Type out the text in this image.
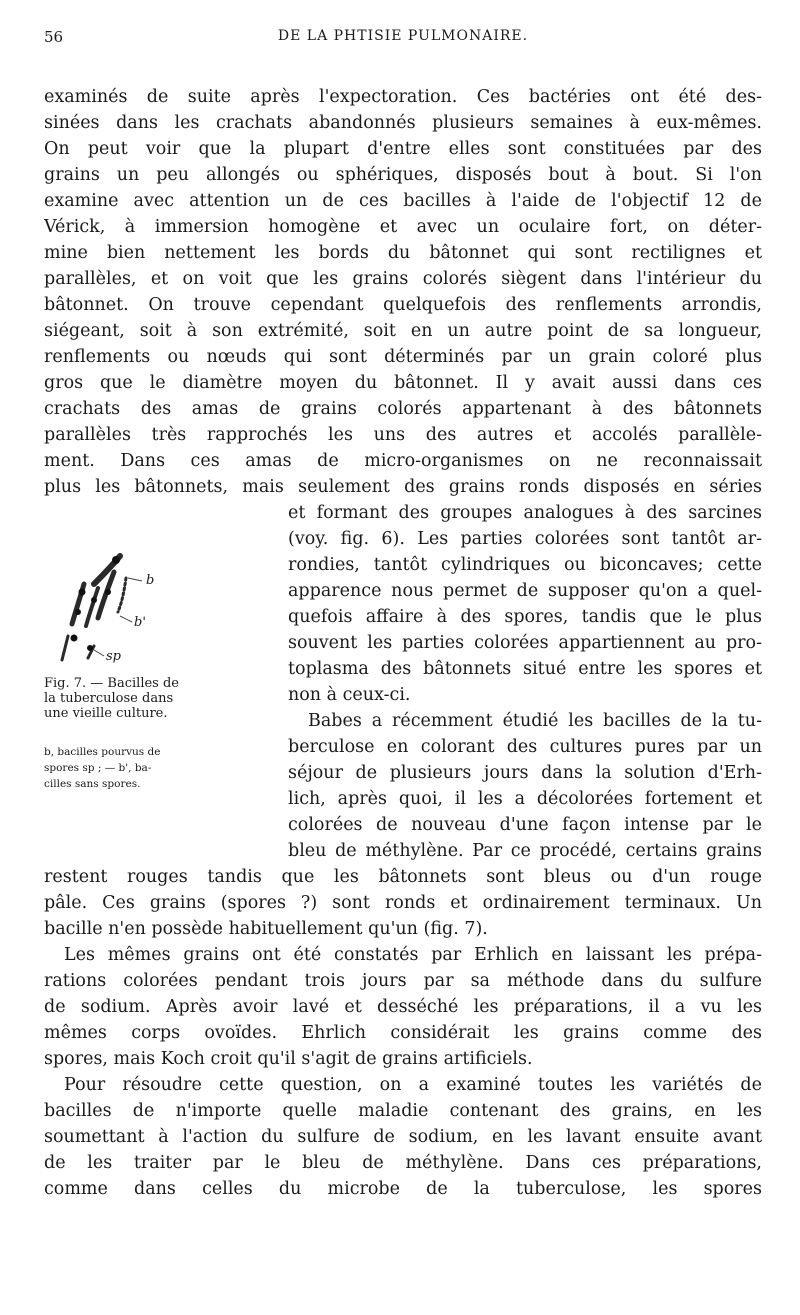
56	DE LA PHTISIE PULMONAIRE.
examinés de suite après l'expectoration. Ces bactéries ont été des-
sinées dans les crachats abandonnés plusieurs semaines à eux-mêmes.
On peut voir que la plupart d'entre elles sont constituées par des
grains un peu allongés ou sphériques, disposés bout à bout. Si l'on
examine avec attention un de ces bacilles à l'aide de l'objectif 12 de
Vérick, à immersion homogène et avec un oculaire fort, on déter-
mine bien nettement les bords du bâtonnet qui sont rectilignes et
parallèles, et on voit que les grains colorés siègent dans l'intérieur du
bâtonnet. On trouve cependant quelquefois des renflements arrondis,
siégeant, soit à son extrémité, soit en un autre point de sa longueur,
renflements ou nœuds qui sont déterminés par un grain coloré plus
gros que le diamètre moyen du bâtonnet. Il y avait aussi dans ces
crachats des amas de grains colorés appartenant à des bâtonnets
parallèles très rapprochés les uns des autres et accolés parallèle-
ment. Dans ces amas de micro-organismes on ne reconnaissait
plus les bâtonnets, mais seulement des grains ronds disposés en séries
et formant des groupes analogues à des sarcines
(voy. fig. 6). Les parties colorées sont tantôt ar-
rondies, tantôt cylindriques ou biconcaves; cette
apparence nous permet de supposer qu'on a quel-
quefois affaire à des spores, tandis que le plus
souvent les parties colorées appartiennent au pro-
toplasma des bâtonnets situé entre les spores et
non à ceux-ci.
Babes a récemment étudié les bacilles de la tu-
berculose en colorant des cultures pures par un
séjour de plusieurs jours dans la solution d'Erh-
lich, après quoi, il les a décolorées fortement et
colorées de nouveau d'une façon intense par le
bleu de méthylène. Par ce procédé, certains grains
restent rouges tandis que les bâtonnets sont bleus ou d'un rouge
pâle. Ces grains (spores ?) sont ronds et ordinairement terminaux. Un
bacille n'en possède habituellement qu'un (fig. 7).
Les mêmes grains ont été constatés par Erhlich en laissant les prépa-
rations colorées pendant trois jours par sa méthode dans du sulfure
de sodium. Après avoir lavé et desséché les préparations, il a vu les
mêmes corps ovoïdes. Ehrlich considérait les grains comme des
spores, mais Koch croit qu'il s'agit de grains artificiels.
Pour résoudre cette question, on a examiné toutes les variétés de
bacilles de n'importe quelle maladie contenant des grains, en les
soumettant à l'action du sulfure de sodium, en les lavant ensuite avant
de les traiter par le bleu de méthylène. Dans ces préparations,
comme dans celles du microbe de la tuberculose, les spores
b
b'
sp
Fig. 7. — Bacilles de
la tuberculose dans
une vieille culture.
b, bacilles pourvus de
spores sp ; — b', ba-
cilles sans spores.
